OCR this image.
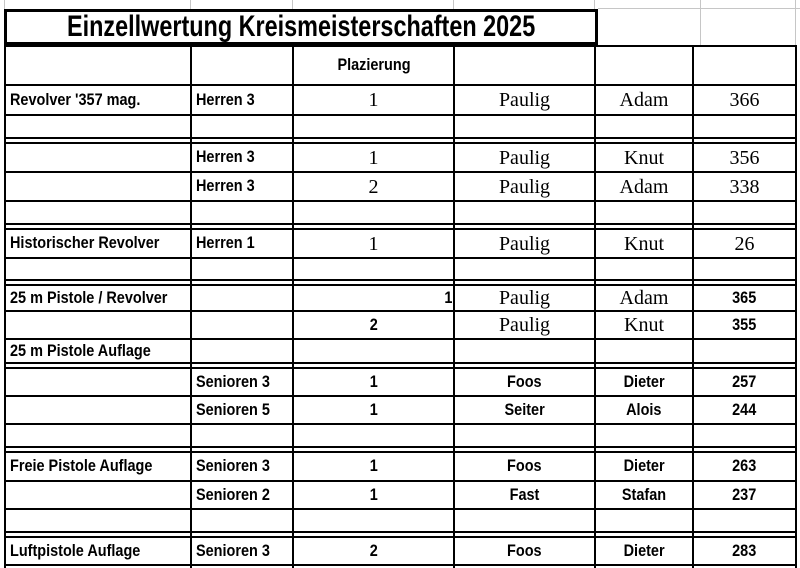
Einzellwertung Kreismeisterschaften 2025
		Plazierung			
Revolver '357 mag.	Herren 3	1	Paulig	Adam	366

	Herren 3	1	Paulig	Knut	356
	Herren 3	2	Paulig	Adam	338

Historischer Revolver	Herren 1	1	Paulig	Knut	26

25 m Pistole / Revolver		1	Paulig	Adam	365
		2	Paulig	Knut	355
25 m Pistole Auflage					

	Senioren 3	1	Foos	Dieter	257
	Senioren 5	1	Seiter	Alois	244

Freie Pistole Auflage	Senioren 3	1	Foos	Dieter	263
	Senioren 2	1	Fast	Stafan	237

Luftpistole Auflage	Senioren 3	2	Foos	Dieter	283
